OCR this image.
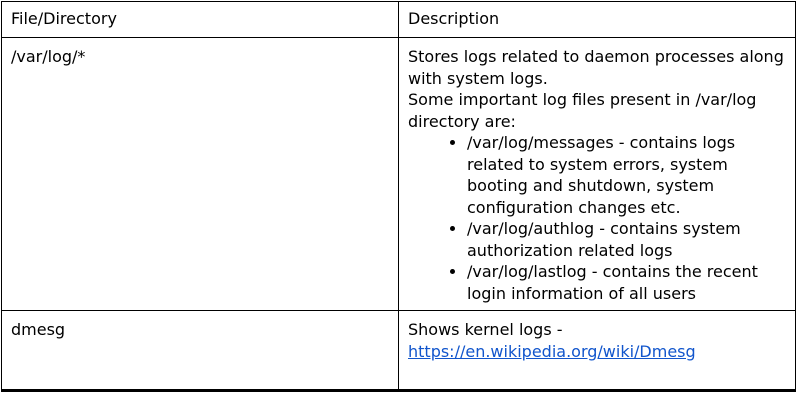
File/Directory	Description
/var/log/*	Stores logs related to daemon processes along with system logs.

Some important log files present in /var/log directory are:

• /var/log/messages - contains logs related to system errors, system booting and shutdown, system configuration changes etc.
• /var/log/authlog - contains system authorization related logs
• /var/log/lastlog - contains the recent login information of all users

dmesg	Shows kernel logs - https://en.wikipedia.org/wiki/Dmesg
